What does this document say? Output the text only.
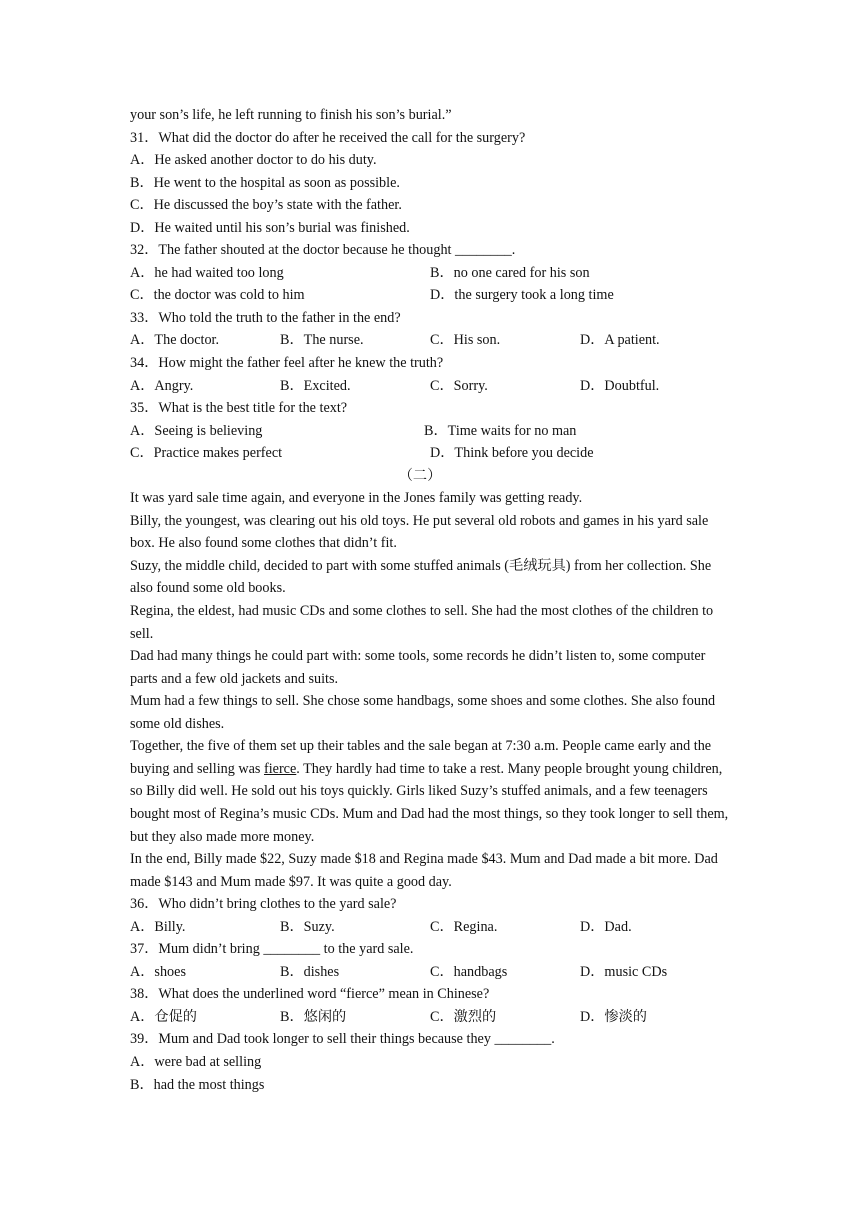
your son’s life, he left running to finish his son’s burial.”
31．What did the doctor do after he received the call for the surgery?
A．He asked another doctor to do his duty.
B．He went to the hospital as soon as possible.
C．He discussed the boy’s state with the father.
D．He waited until his son’s burial was finished.
32．The father shouted at the doctor because he thought ________.
A．he had waited too long	B．no one cared for his son
C．the doctor was cold to him	D．the surgery took a long time
33．Who told the truth to the father in the end?
A．The doctor.	B．The nurse.	C．His son.	D．A patient.
34．How might the father feel after he knew the truth?
A．Angry.	B．Excited.	C．Sorry.	D．Doubtful.
35．What is the best title for the text?
A．Seeing is believing	B．Time waits for no man
C．Practice makes perfect	D．Think before you decide
（二）
It was yard sale time again, and everyone in the Jones family was getting ready.
Billy, the youngest, was clearing out his old toys. He put several old robots and games in his yard sale box. He also found some clothes that didn’t fit.
Suzy, the middle child, decided to part with some stuffed animals (毛绒玩具) from her collection. She also found some old books.
Regina, the eldest, had music CDs and some clothes to sell. She had the most clothes of the children to sell.
Dad had many things he could part with: some tools, some records he didn’t listen to, some computer parts and a few old jackets and suits.
Mum had a few things to sell. She chose some handbags, some shoes and some clothes. She also found some old dishes.
Together, the five of them set up their tables and the sale began at 7:30 a.m. People came early and the buying and selling was fierce. They hardly had time to take a rest. Many people brought young children, so Billy did well. He sold out his toys quickly. Girls liked Suzy’s stuffed animals, and a few teenagers bought most of Regina’s music CDs. Mum and Dad had the most things, so they took longer to sell them, but they also made more money.
In the end, Billy made $22, Suzy made $18 and Regina made $43. Mum and Dad made a bit more. Dad made $143 and Mum made $97. It was quite a good day.
36．Who didn’t bring clothes to the yard sale?
A．Billy.	B．Suzy.	C．Regina.	D．Dad.
37．Mum didn’t bring ________ to the yard sale.
A．shoes	B．dishes	C．handbags	D．music CDs
38．What does the underlined word “fierce” mean in Chinese?
A．仓促的	B．悠闲的	C．激烈的	D．惨淡的
39．Mum and Dad took longer to sell their things because they ________.
A．were bad at selling
B．had the most things
